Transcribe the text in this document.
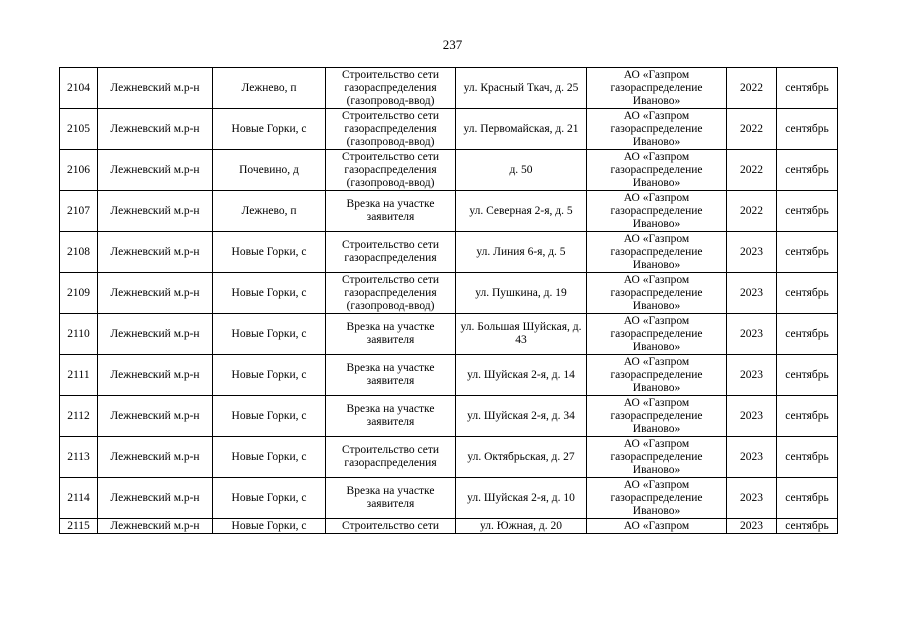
237
2104	Лежневский м.р-н	Лежнево, п	Строительство сети газораспределения (газопровод-ввод)	ул. Красный Ткач, д. 25	АО «Газпром газораспределение Иваново»	2022	сентябрь
2105	Лежневский м.р-н	Новые Горки, с	Строительство сети газораспределения (газопровод-ввод)	ул. Первомайская, д. 21	АО «Газпром газораспределение Иваново»	2022	сентябрь
2106	Лежневский м.р-н	Почевино, д	Строительство сети газораспределения (газопровод-ввод)	д. 50	АО «Газпром газораспределение Иваново»	2022	сентябрь
2107	Лежневский м.р-н	Лежнево, п	Врезка на участке заявителя	ул. Северная 2-я, д. 5	АО «Газпром газораспределение Иваново»	2022	сентябрь
2108	Лежневский м.р-н	Новые Горки, с	Строительство сети газораспределения	ул. Линия 6-я, д. 5	АО «Газпром газораспределение Иваново»	2023	сентябрь
2109	Лежневский м.р-н	Новые Горки, с	Строительство сети газораспределения (газопровод-ввод)	ул. Пушкина, д. 19	АО «Газпром газораспределение Иваново»	2023	сентябрь
2110	Лежневский м.р-н	Новые Горки, с	Врезка на участке заявителя	ул. Большая Шуйская, д. 43	АО «Газпром газораспределение Иваново»	2023	сентябрь
2111	Лежневский м.р-н	Новые Горки, с	Врезка на участке заявителя	ул. Шуйская 2-я, д. 14	АО «Газпром газораспределение Иваново»	2023	сентябрь
2112	Лежневский м.р-н	Новые Горки, с	Врезка на участке заявителя	ул. Шуйская 2-я, д. 34	АО «Газпром газораспределение Иваново»	2023	сентябрь
2113	Лежневский м.р-н	Новые Горки, с	Строительство сети газораспределения	ул. Октябрьская, д. 27	АО «Газпром газораспределение Иваново»	2023	сентябрь
2114	Лежневский м.р-н	Новые Горки, с	Врезка на участке заявителя	ул. Шуйская 2-я, д. 10	АО «Газпром газораспределение Иваново»	2023	сентябрь
2115	Лежневский м.р-н	Новые Горки, с	Строительство сети	ул. Южная, д. 20	АО «Газпром	2023	сентябрь
